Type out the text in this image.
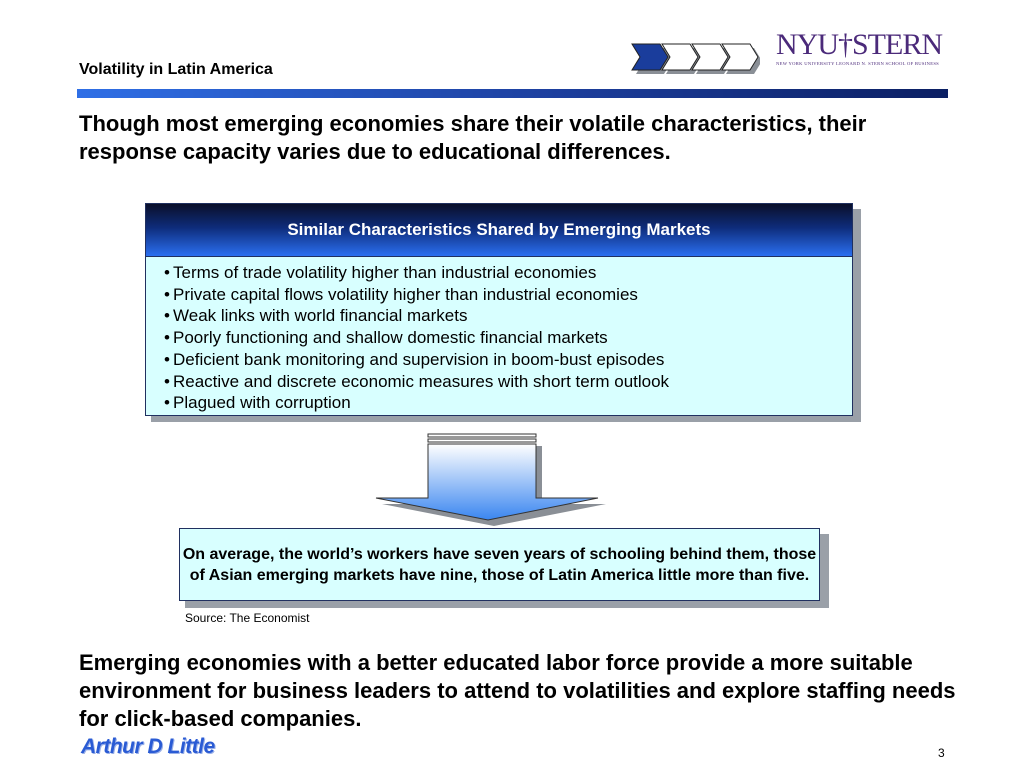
Volatility in Latin America
NYU†STERN
NEW YORK UNIVERSITY LEONARD N. STERN SCHOOL OF BUSINESS
Though most emerging economies share their volatile characteristics, their response capacity varies due to educational differences.
Similar Characteristics Shared by Emerging Markets
• Terms of trade volatility higher than industrial economies
• Private capital flows volatility higher than industrial economies
• Weak links with world financial markets
• Poorly functioning and shallow domestic financial markets
• Deficient bank monitoring and supervision in boom-bust episodes
• Reactive and discrete economic measures with short term outlook
• Plagued with corruption
On average, the world’s workers have seven years of schooling behind them, those of Asian emerging markets have nine, those of Latin America little more than five.
Source: The Economist
Emerging economies with a better educated labor force provide a more suitable environment for business leaders to attend to volatilities and explore staffing needs for click-based companies.
Arthur D Little	3
